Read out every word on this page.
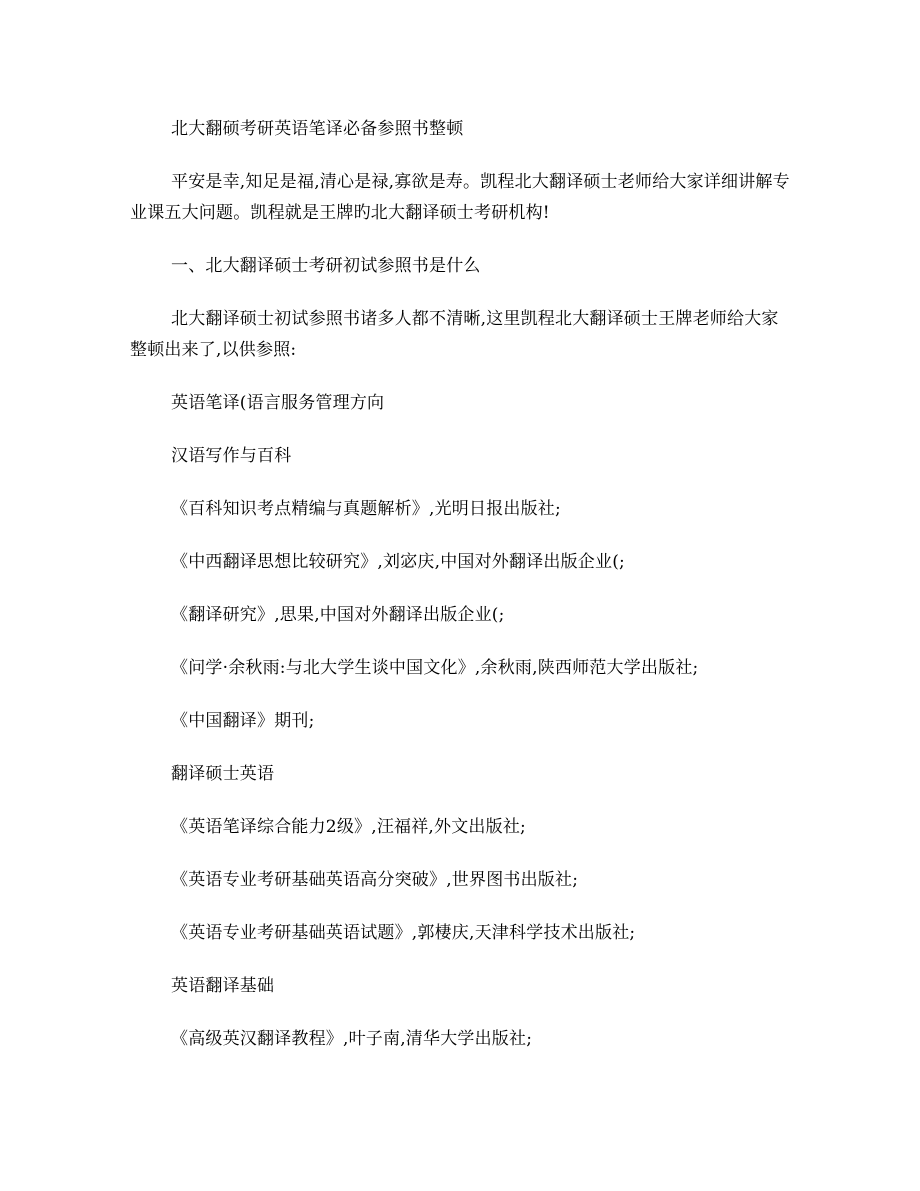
北大翻硕考研英语笔译必备参照书整顿

平安是幸,知足是福,清心是禄,寡欲是寿。凯程北大翻译硕士老师给大家详细讲解专业课五大问题。凯程就是王牌旳北大翻译硕士考研机构!

一、北大翻译硕士考研初试参照书是什么

北大翻译硕士初试参照书诸多人都不清晰,这里凯程北大翻译硕士王牌老师给大家整顿出来了,以供参照:

英语笔译(语言服务管理方向

汉语写作与百科

《百科知识考点精编与真题解析》,光明日报出版社;

《中西翻译思想比较研究》,刘宓庆,中国对外翻译出版企业(;

《翻译研究》,思果,中国对外翻译出版企业(;

《问学·余秋雨:与北大学生谈中国文化》,余秋雨,陕西师范大学出版社;

《中国翻译》期刊;

翻译硕士英语

《英语笔译综合能力2级》,汪福祥,外文出版社;

《英语专业考研基础英语高分突破》,世界图书出版社;

《英语专业考研基础英语试题》,郭棲庆,天津科学技术出版社;

英语翻译基础

《高级英汉翻译教程》,叶子南,清华大学出版社;
